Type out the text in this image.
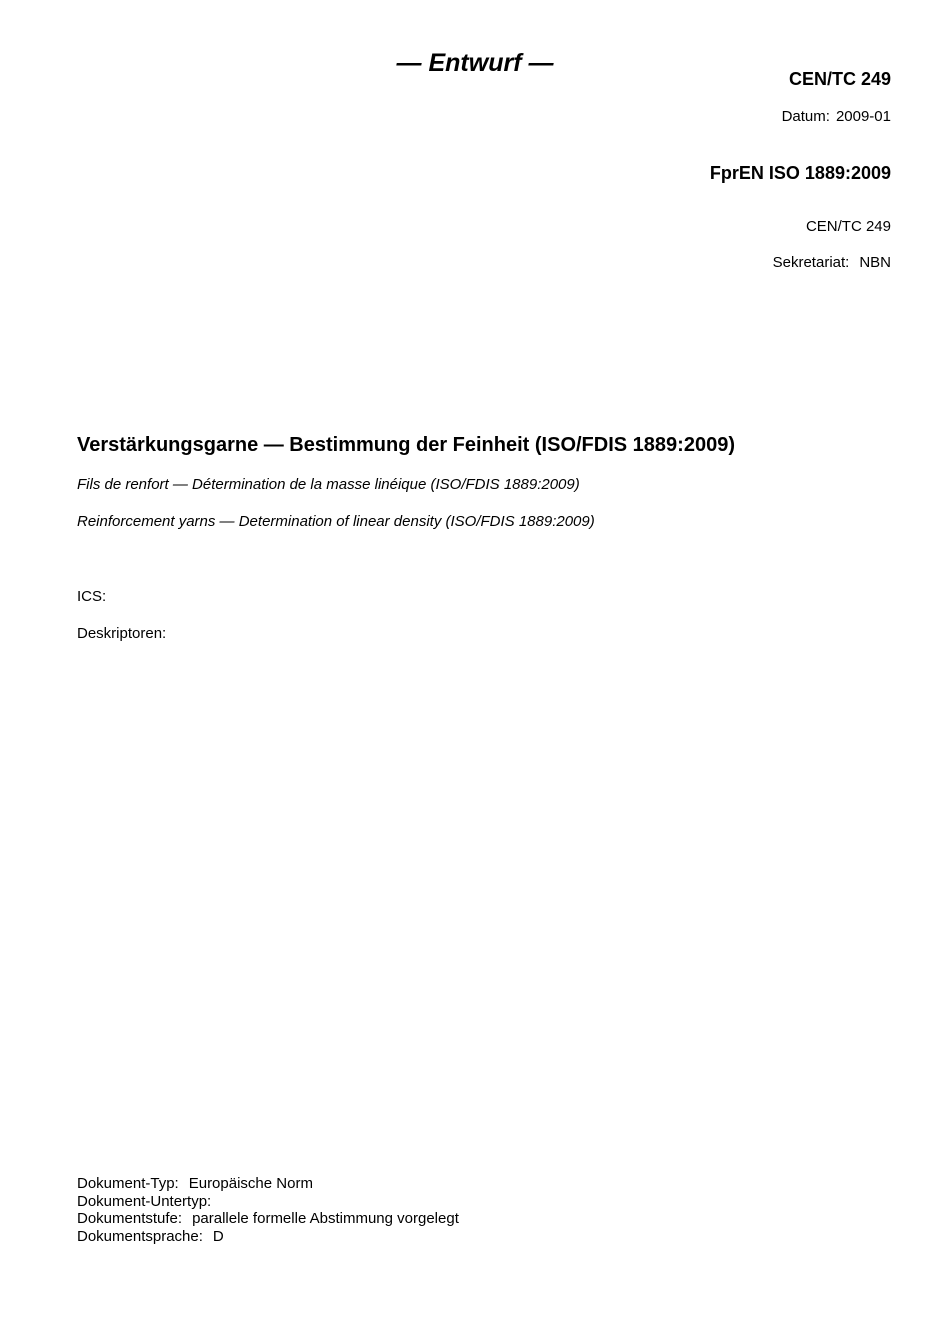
— Entwurf —
CEN/TC 249
Datum: 2009-01
FprEN ISO 1889:2009
CEN/TC 249
Sekretariat: NBN
Verstärkungsgarne — Bestimmung der Feinheit (ISO/FDIS 1889:2009)
Fils de renfort — Détermination de la masse linéique (ISO/FDIS 1889:2009)
Reinforcement yarns — Determination of linear density (ISO/FDIS 1889:2009)
ICS:
Deskriptoren:
Dokument-Typ: Europäische Norm
Dokument-Untertyp:
Dokumentstufe: parallele formelle Abstimmung vorgelegt
Dokumentsprache: D
